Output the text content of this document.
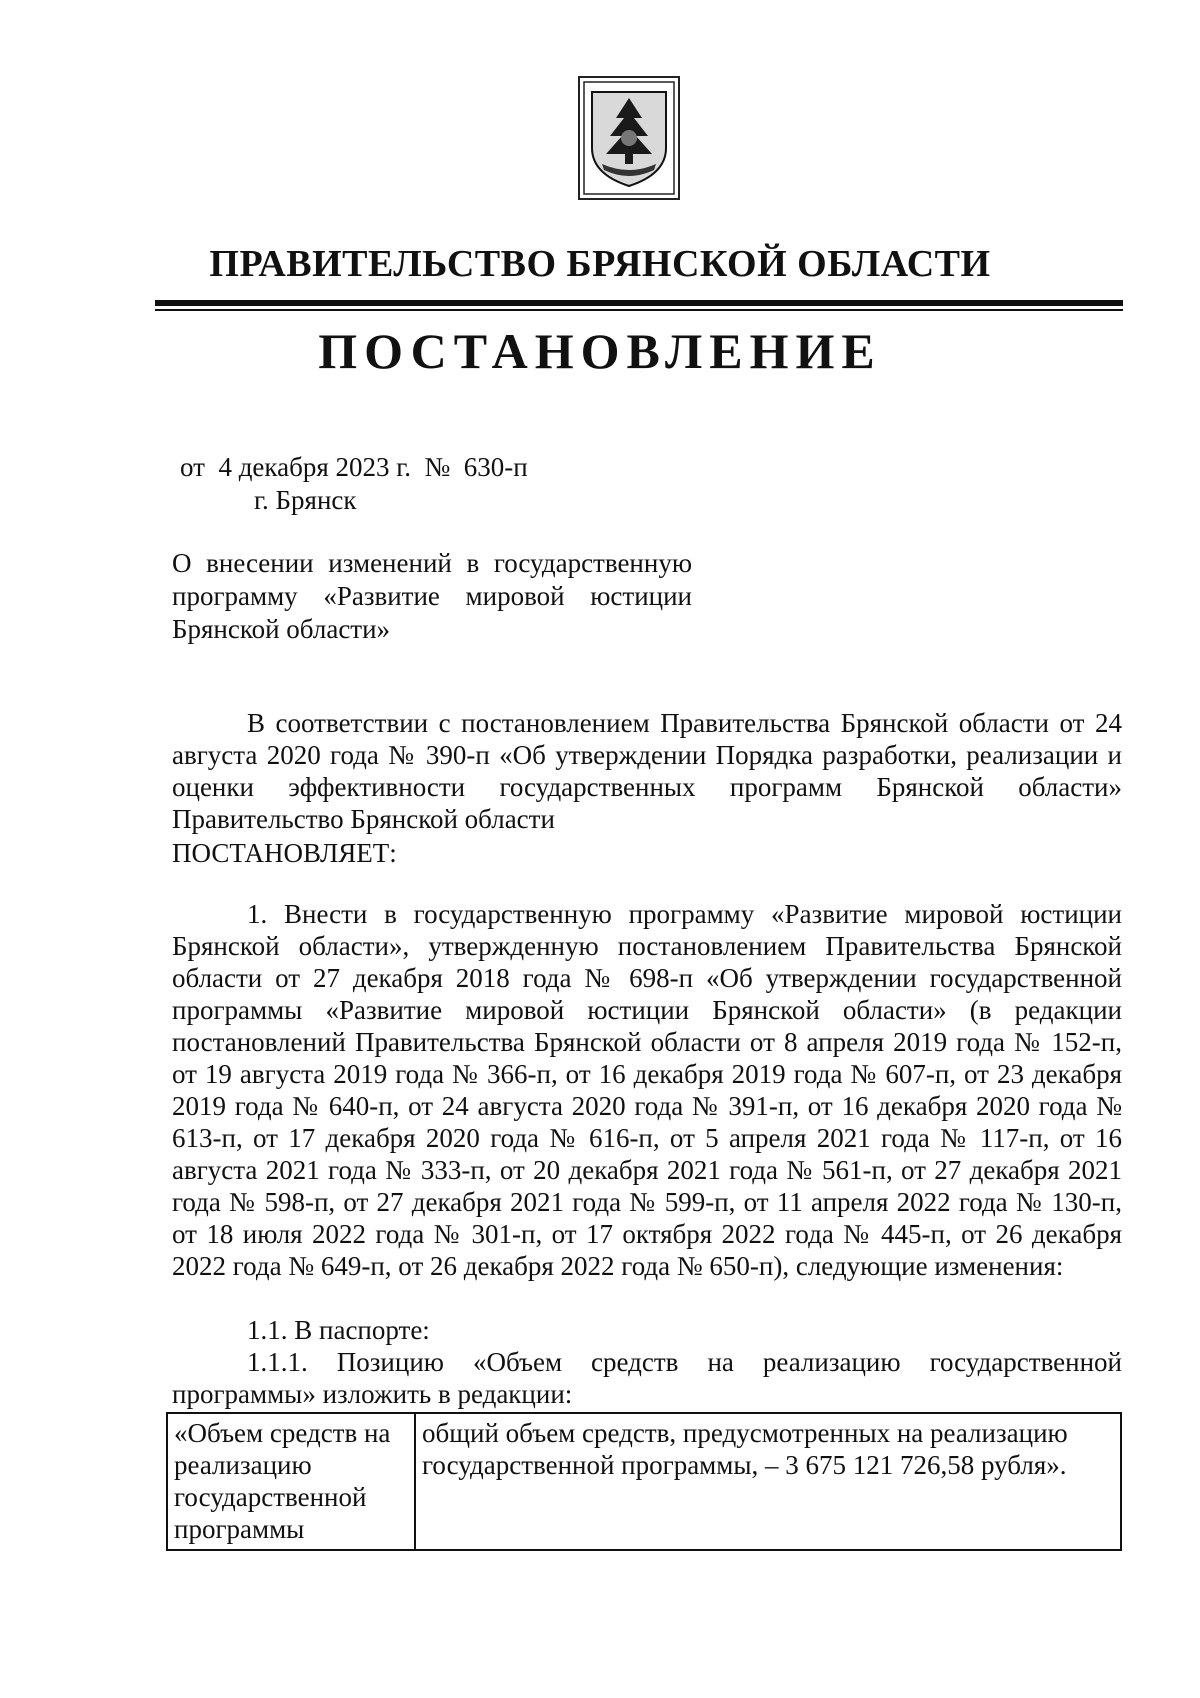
ПРАВИТЕЛЬСТВО БРЯНСКОЙ ОБЛАСТИ
ПОСТАНОВЛЕНИЕ
от  4 декабря 2023 г.  №  630-п
г. Брянск
О внесении изменений в государственную
программу «Развитие мировой юстиции
Брянской области»
В соответствии с постановлением Правительства Брянской области от 24 августа 2020 года № 390-п «Об утверждении Порядка разработки, реализации и оценки эффективности государственных программ Брянской области» Правительство Брянской области
ПОСТАНОВЛЯЕТ:
1. Внести в государственную программу «Развитие мировой юстиции Брянской области», утвержденную постановлением Правительства Брянской области от 27 декабря 2018 года № 698-п «Об утверждении государственной программы «Развитие мировой юстиции Брянской области» (в редакции постановлений Правительства Брянской области от 8 апреля 2019 года № 152-п, от 19 августа 2019 года № 366-п, от 16 декабря 2019 года № 607-п, от 23 декабря 2019 года № 640-п, от 24 августа 2020 года № 391-п, от 16 декабря 2020 года № 613-п, от 17 декабря 2020 года № 616-п, от 5 апреля 2021 года № 117-п, от 16 августа 2021 года № 333-п, от 20 декабря 2021 года № 561-п, от 27 декабря 2021 года № 598-п, от 27 декабря 2021 года № 599-п, от 11 апреля 2022 года № 130-п, от 18 июля 2022 года № 301-п, от 17 октября 2022 года № 445-п, от 26 декабря 2022 года № 649-п, от 26 декабря 2022 года № 650-п), следующие изменения:
1.1. В паспорте:
1.1.1. Позицию «Объем средств на реализацию государственной
программы» изложить в редакции:
«Объем средств на реализацию государственной программы	общий объем средств, предусмотренных на реализацию государственной программы, – 3 675 121 726,58 рубля».
